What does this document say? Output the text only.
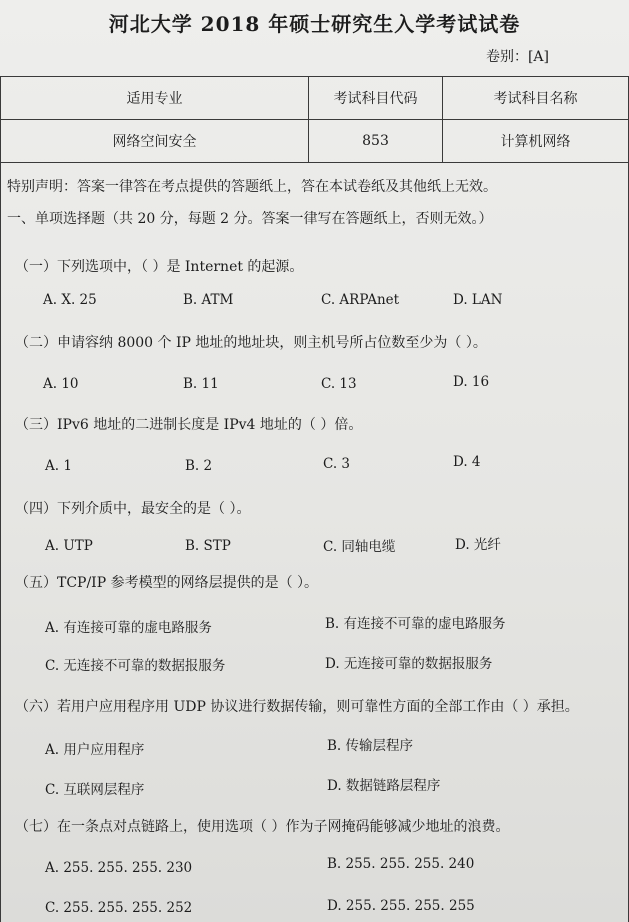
河北大学 2018 年硕士研究生入学考试试卷
卷别：[A]
适用专业	考试科目代码	考试科目名称
网络空间安全	853	计算机网络
特别声明：答案一律答在考点提供的答题纸上，答在本试卷纸及其他纸上无效。
一、单项选择题（共 20 分，每题 2 分。答案一律写在答题纸上，否则无效。）
（一）下列选项中，（ ）是 Internet 的起源。
A. X. 25	B. ATM	C. ARPAnet	D. LAN
（二）申请容纳 8000 个 IP 地址的地址块，则主机号所占位数至少为（ ）。
A. 10	B. 11	C. 13	D. 16
（三）IPv6 地址的二进制长度是 IPv4 地址的（ ）倍。
A. 1	B. 2	C. 3	D. 4
（四）下列介质中，最安全的是（ ）。
A. UTP	B. STP	C. 同轴电缆	D. 光纤
（五）TCP/IP 参考模型的网络层提供的是（ ）。
A. 有连接可靠的虚电路服务	B. 有连接不可靠的虚电路服务
C. 无连接不可靠的数据报服务	D. 无连接可靠的数据报服务
（六）若用户应用程序用 UDP 协议进行数据传输，则可靠性方面的全部工作由（ ）承担。
A. 用户应用程序	B. 传输层程序
C. 互联网层程序	D. 数据链路层程序
（七）在一条点对点链路上，使用选项（ ）作为子网掩码能够减少地址的浪费。
A. 255. 255. 255. 230	B. 255. 255. 255. 240
C. 255. 255. 255. 252	D. 255. 255. 255. 255
